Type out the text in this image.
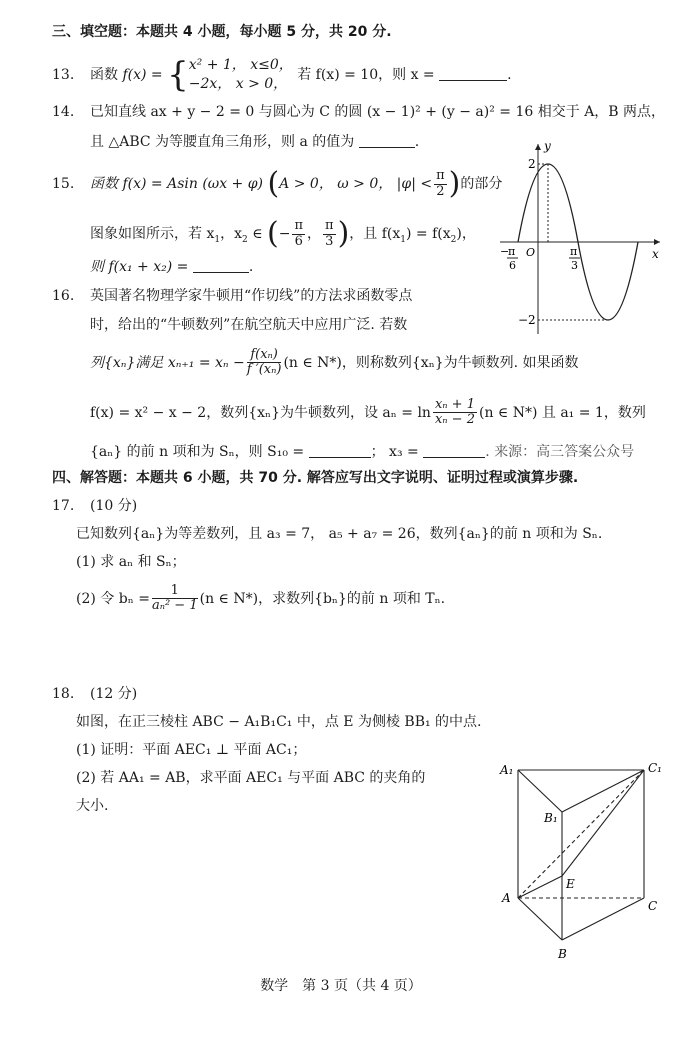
三、填空题：本题共 4 小题，每小题 5 分，共 20 分.
13. 函数 f(x) = { x² + 1， x≤0，
−2x， x > 0，
若 f(x) = 10，则 x =	.
14. 已知直线 ax + y − 2 = 0 与圆心为 C 的圆 (x − 1)² + (y − a)² = 16 相交于 A，B 两点，
且 △ABC 为等腰直角三角形，则 a 的值为	.
15. 函数 f(x) = Asin (ωx + φ) (A > 0， ω > 0， $|\varphi| < \frac{\pi}{2}$ )的部分
图象如图所示，若 $x_1$，$x_2$ ∈ (− $\frac{\pi}{6}$ ， $\frac{\pi}{3}$ )，且 $f(x_1) = f(x_2)$，
则 f(x₁ + x₂) =	.
y
x
2
−2
O
−
π
6
π
3
16. 英国著名物理学家牛顿用“作切线”的方法求函数零点
时，给出的“牛顿数列”在航空航天中应用广泛. 若数
列{xₙ}满足 $x_{n+1} = x_n - \frac{\text{f(xₙ)}}{\text{f ′(xₙ)}} (n$ ∈ N*)，则称数列{xₙ}为牛顿数列. 如果函数
f(x) = x² − x − 2，数列{xₙ}为牛顿数列，设 $a_n = \ln \frac{\text{xₙ + 1}}{\text{xₙ − 2}} (n$ ∈ N*) 且 a₁ = 1，数列
{aₙ} 的前 n 项和为 Sₙ，则 S₁₀ =	； x₃ =	. 来源：高三答案公众号
四、解答题：本题共 6 小题，共 70 分. 解答应写出文字说明、证明过程或演算步骤.
17. (10 分)
已知数列{aₙ}为等差数列，且 a₃ = 7， a₅ + a₇ = 26，数列{aₙ}的前 n 项和为 Sₙ.
(1) 求 aₙ 和 Sₙ；
(2) 令 $b_n = \frac{1}{\text{aₙ² − 1}} (n$ ∈ N*)，求数列{bₙ}的前 n 项和 Tₙ.
18. (12 分)
如图，在正三棱柱 ABC − A₁B₁C₁ 中，点 E 为侧棱 BB₁ 的中点.
(1) 证明：平面 AEC₁ ⊥ 平面 AC₁；
(2) 若 AA₁ = AB，求平面 AEC₁ 与平面 ABC 的夹角的
大小.
A₁	C₁
B₁
E
A
C
B
数学　第 3 页（共 4 页）
